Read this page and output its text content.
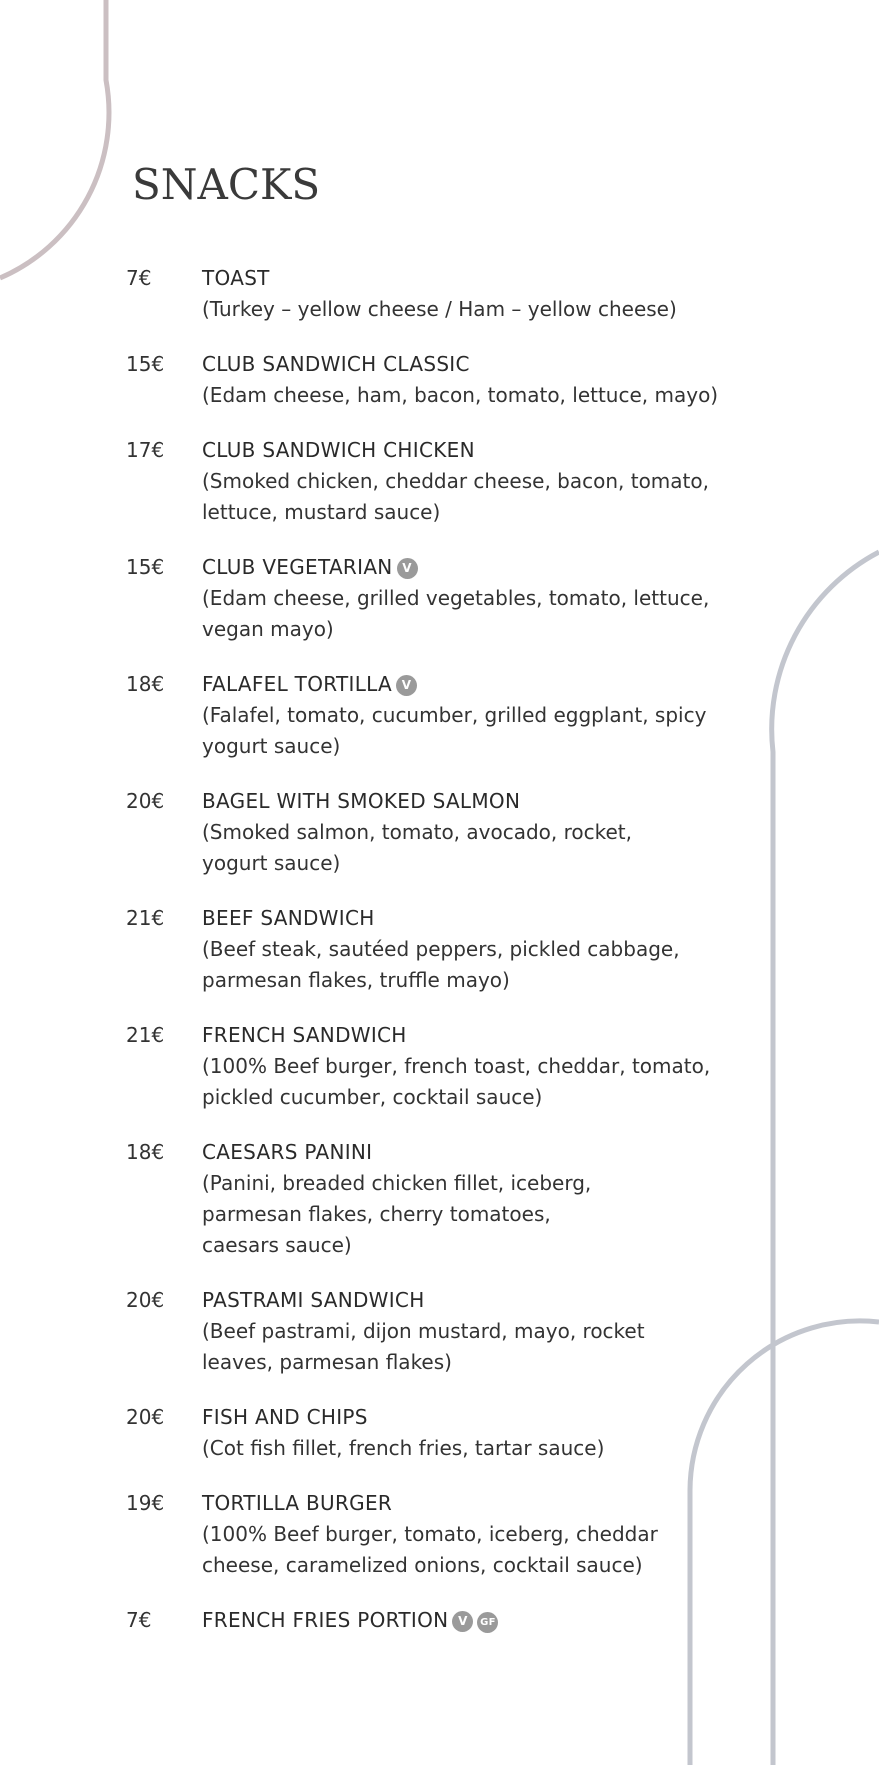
SNACKS
7€	TOAST
(Turkey – yellow cheese / Ham – yellow cheese)
15€	CLUB SANDWICH CLASSIC
(Edam cheese, ham, bacon, tomato, lettuce, mayo)
17€	CLUB SANDWICH CHICKEN
(Smoked chicken, cheddar cheese, bacon, tomato,
lettuce, mustard sauce)
15€	CLUB VEGETARIAN V
(Edam cheese, grilled vegetables, tomato, lettuce,
vegan mayo)
18€	FALAFEL TORTILLA V
(Falafel, tomato, cucumber, grilled eggplant, spicy
yogurt sauce)
20€	BAGEL WITH SMOKED SALMON
(Smoked salmon, tomato, avocado, rocket,
yogurt sauce)
21€	BEEF SANDWICH
(Beef steak, sautéed peppers, pickled cabbage,
parmesan flakes, truffle mayo)
21€	FRENCH SANDWICH
(100% Beef burger, french toast, cheddar, tomato,
pickled cucumber, cocktail sauce)
18€	CAESARS PANINI
(Panini, breaded chicken fillet, iceberg,
parmesan flakes, cherry tomatoes,
caesars sauce)
20€	PASTRAMI SANDWICH
(Beef pastrami, dijon mustard, mayo, rocket
leaves, parmesan flakes)
20€	FISH AND CHIPS
(Cot fish fillet, french fries, tartar sauce)
19€	TORTILLA BURGER
(100% Beef burger, tomato, iceberg, cheddar
cheese, caramelized onions, cocktail sauce)
7€	FRENCH FRIES PORTION V GF
